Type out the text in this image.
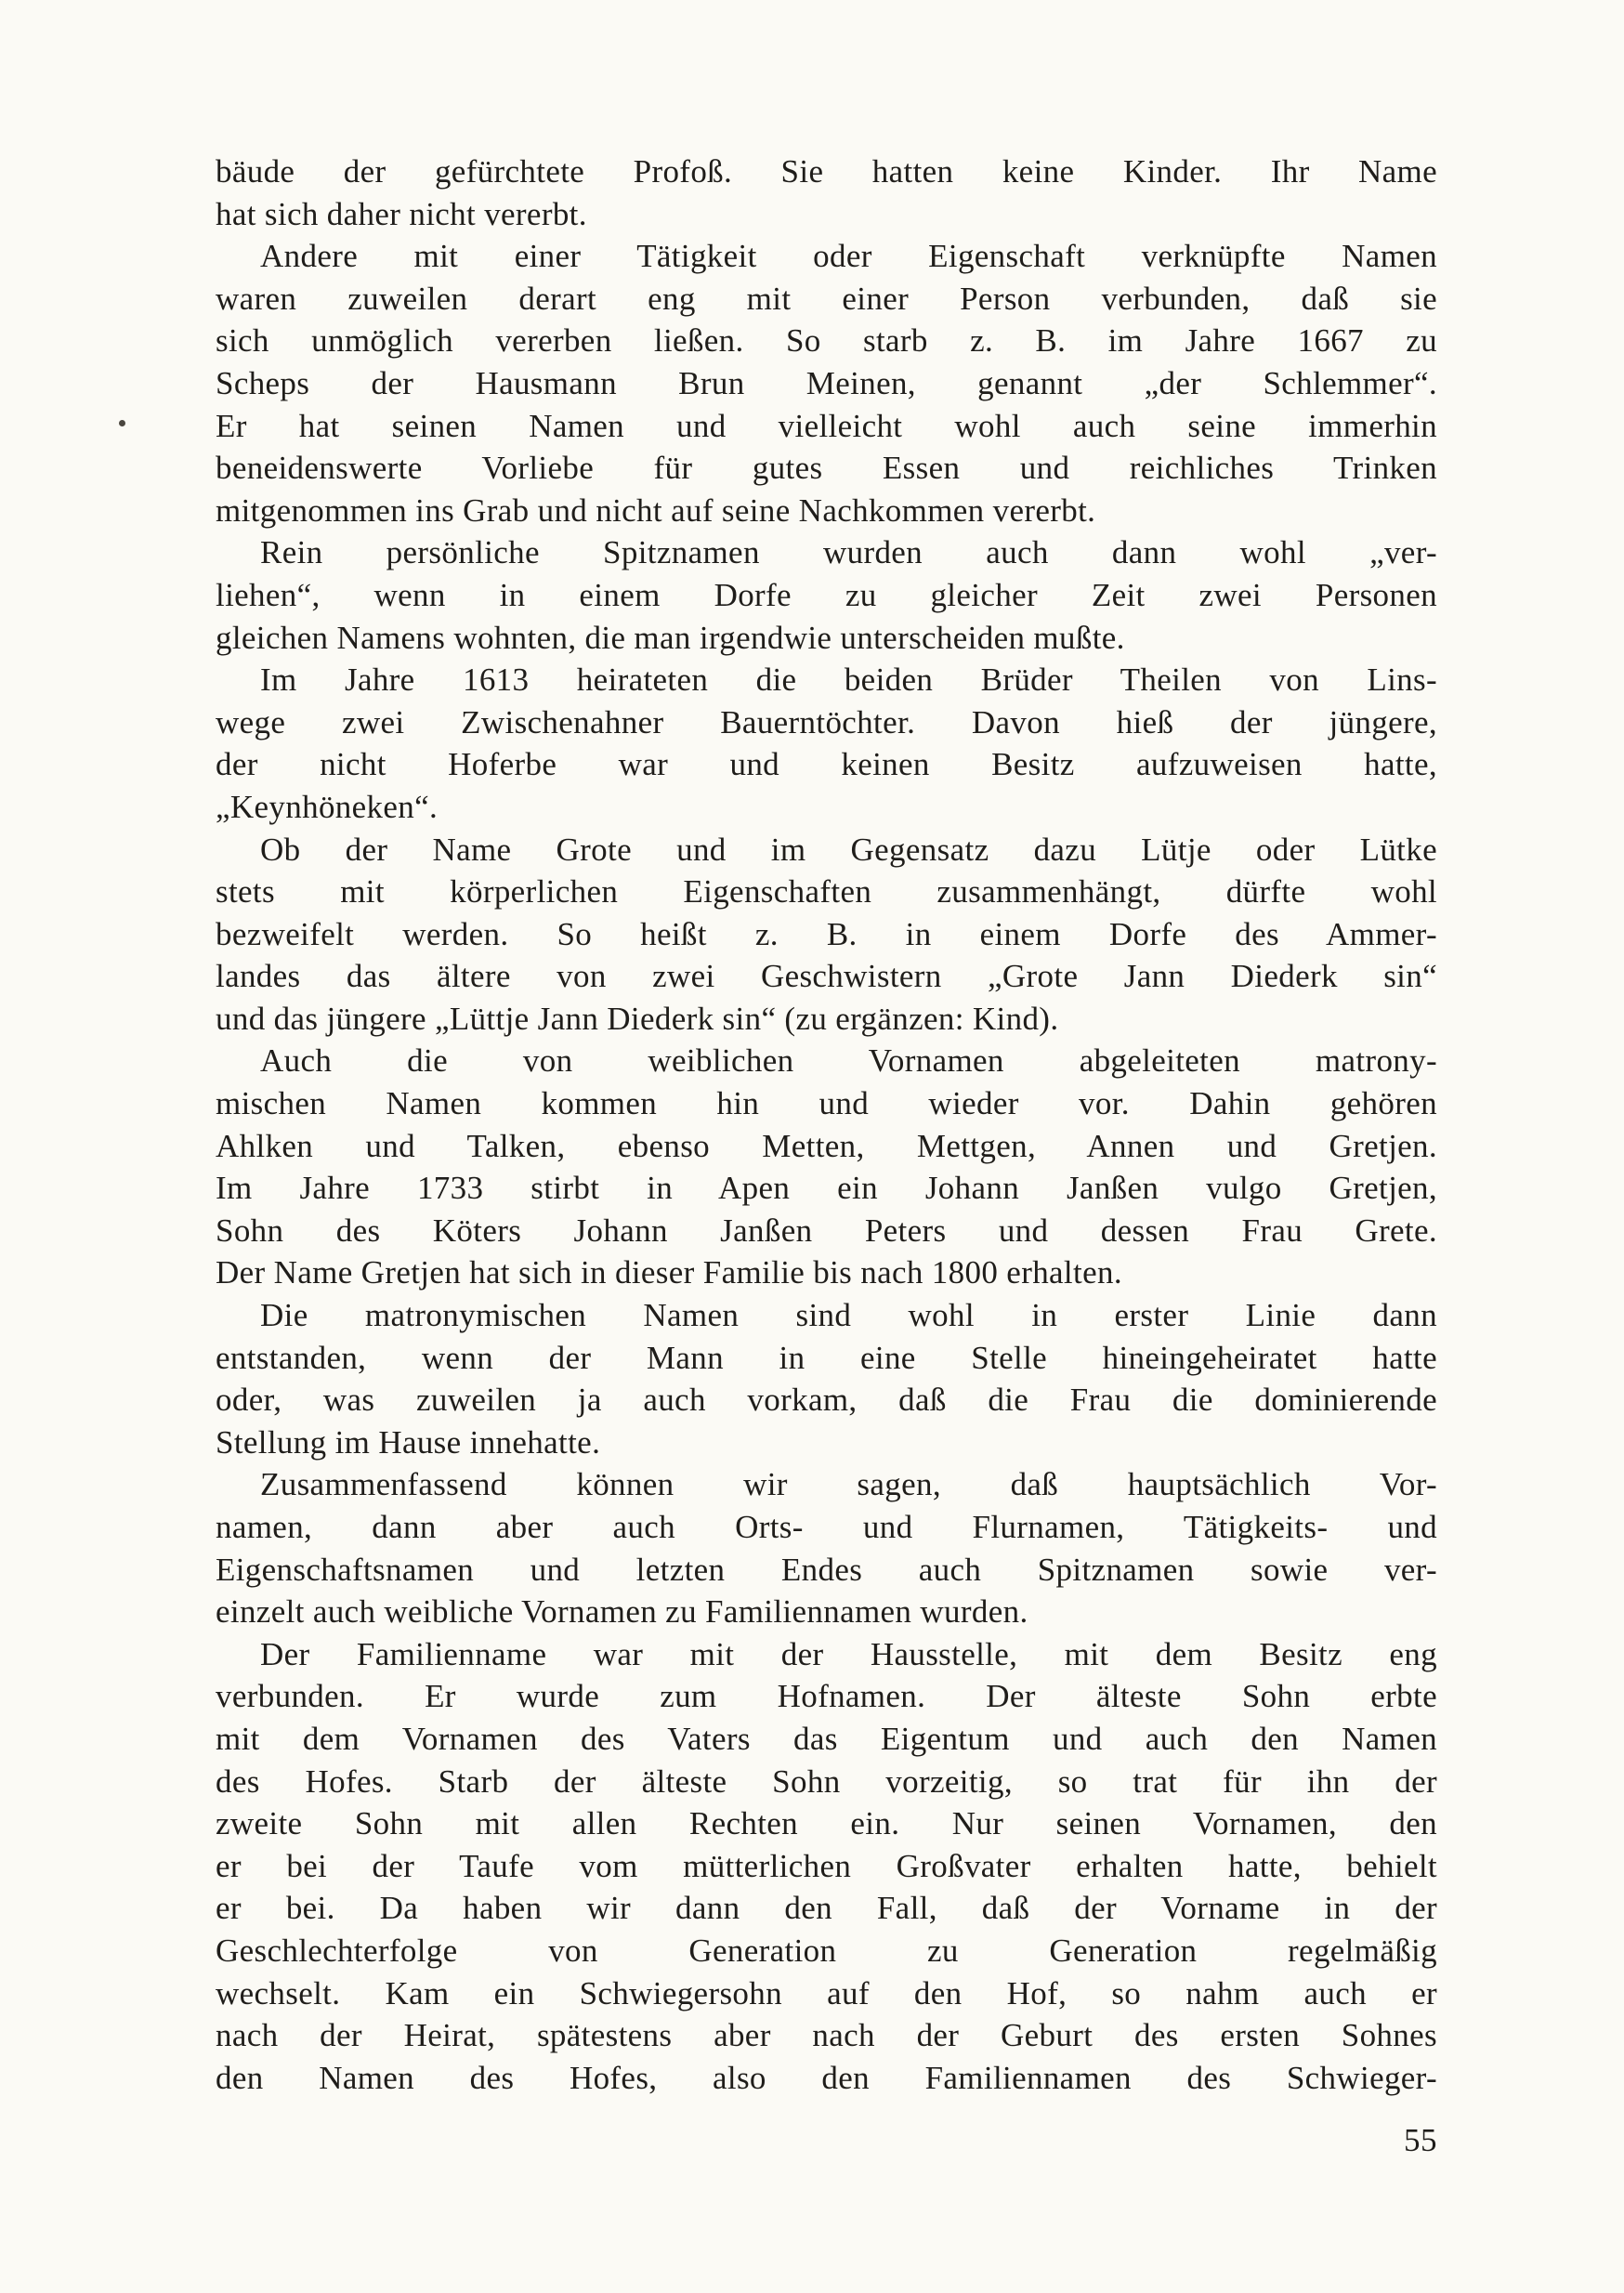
bäude der gefürchtete Profoß. Sie hatten keine Kinder. Ihr Name
hat sich daher nicht vererbt.
Andere mit einer Tätigkeit oder Eigenschaft verknüpfte Namen
waren zuweilen derart eng mit einer Person verbunden, daß sie
sich unmöglich vererben ließen. So starb z. B. im Jahre 1667 zu
Scheps der Hausmann Brun Meinen, genannt „der Schlemmer“.
Er hat seinen Namen und vielleicht wohl auch seine immerhin
beneidenswerte Vorliebe für gutes Essen und reichliches Trinken
mitgenommen ins Grab und nicht auf seine Nachkommen vererbt.
Rein persönliche Spitznamen wurden auch dann wohl „ver-
liehen“, wenn in einem Dorfe zu gleicher Zeit zwei Personen
gleichen Namens wohnten, die man irgendwie unterscheiden mußte.
Im Jahre 1613 heirateten die beiden Brüder Theilen von Lins-
wege zwei Zwischenahner Bauerntöchter. Davon hieß der jüngere,
der nicht Hoferbe war und keinen Besitz aufzuweisen hatte,
„Keynhöneken“.
Ob der Name Grote und im Gegensatz dazu Lütje oder Lütke
stets mit körperlichen Eigenschaften zusammenhängt, dürfte wohl
bezweifelt werden. So heißt z. B. in einem Dorfe des Ammer-
landes das ältere von zwei Geschwistern „Grote Jann Diederk sin“
und das jüngere „Lüttje Jann Diederk sin“ (zu ergänzen: Kind).
Auch die von weiblichen Vornamen abgeleiteten matrony-
mischen Namen kommen hin und wieder vor. Dahin gehören
Ahlken und Talken, ebenso Metten, Mettgen, Annen und Gretjen.
Im Jahre 1733 stirbt in Apen ein Johann Janßen vulgo Gretjen,
Sohn des Köters Johann Janßen Peters und dessen Frau Grete.
Der Name Gretjen hat sich in dieser Familie bis nach 1800 erhalten.
Die matronymischen Namen sind wohl in erster Linie dann
entstanden, wenn der Mann in eine Stelle hineingeheiratet hatte
oder, was zuweilen ja auch vorkam, daß die Frau die dominierende
Stellung im Hause innehatte.
Zusammenfassend können wir sagen, daß hauptsächlich Vor-
namen, dann aber auch Orts- und Flurnamen, Tätigkeits- und
Eigenschaftsnamen und letzten Endes auch Spitznamen sowie ver-
einzelt auch weibliche Vornamen zu Familiennamen wurden.
Der Familienname war mit der Hausstelle, mit dem Besitz eng
verbunden. Er wurde zum Hofnamen. Der älteste Sohn erbte
mit dem Vornamen des Vaters das Eigentum und auch den Namen
des Hofes. Starb der älteste Sohn vorzeitig, so trat für ihn der
zweite Sohn mit allen Rechten ein. Nur seinen Vornamen, den
er bei der Taufe vom mütterlichen Großvater erhalten hatte, behielt
er bei. Da haben wir dann den Fall, daß der Vorname in der
Geschlechterfolge von Generation zu Generation regelmäßig
wechselt. Kam ein Schwiegersohn auf den Hof, so nahm auch er
nach der Heirat, spätestens aber nach der Geburt des ersten Sohnes
den Namen des Hofes, also den Familiennamen des Schwieger-
55
